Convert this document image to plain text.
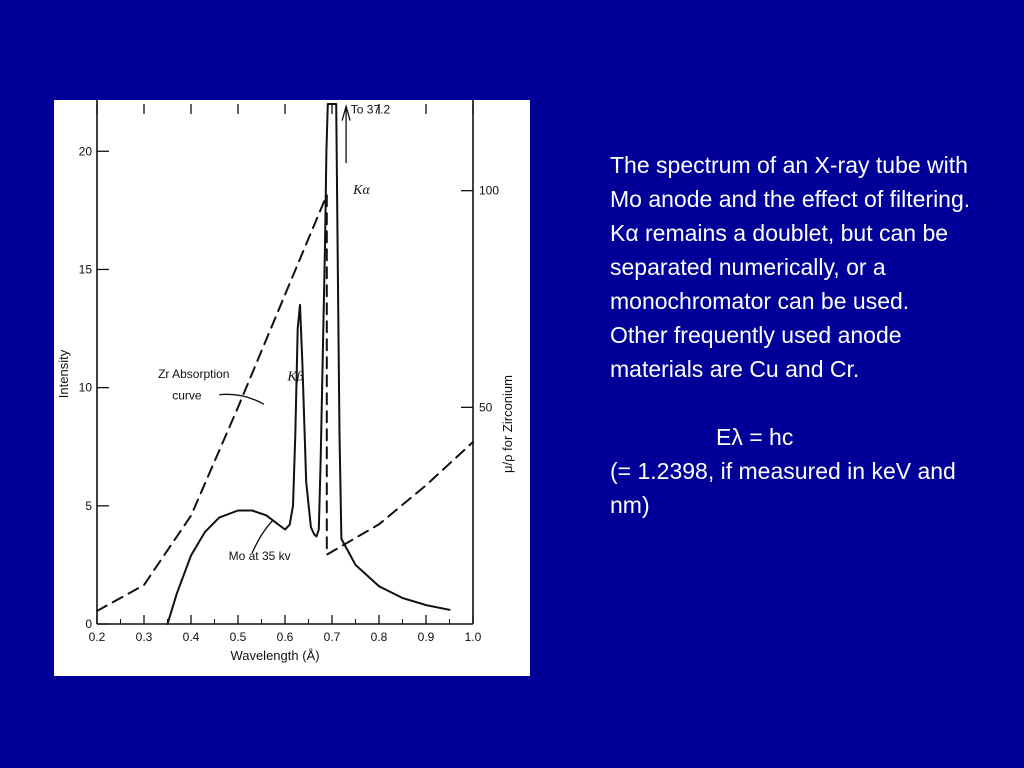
0.2	0.3	0.4	0.5	0.6	0.7	0.8	0.9	1.0
0
5
10
15
20
50
100
Wavelength (Å)
Intensity
μ/ρ for Zirconium
To 37.2
Kα
Kβ
Zr Absorption
curve
Mo at 35 kv

The spectrum of an X-ray tube with Mo anode and the effect of filtering. Kα remains a doublet, but can be separated numerically, or a monochromator can be used.

Other frequently used anode materials are Cu and Cr.

Eλ = hc

(= 1.2398, if measured in keV and nm)
